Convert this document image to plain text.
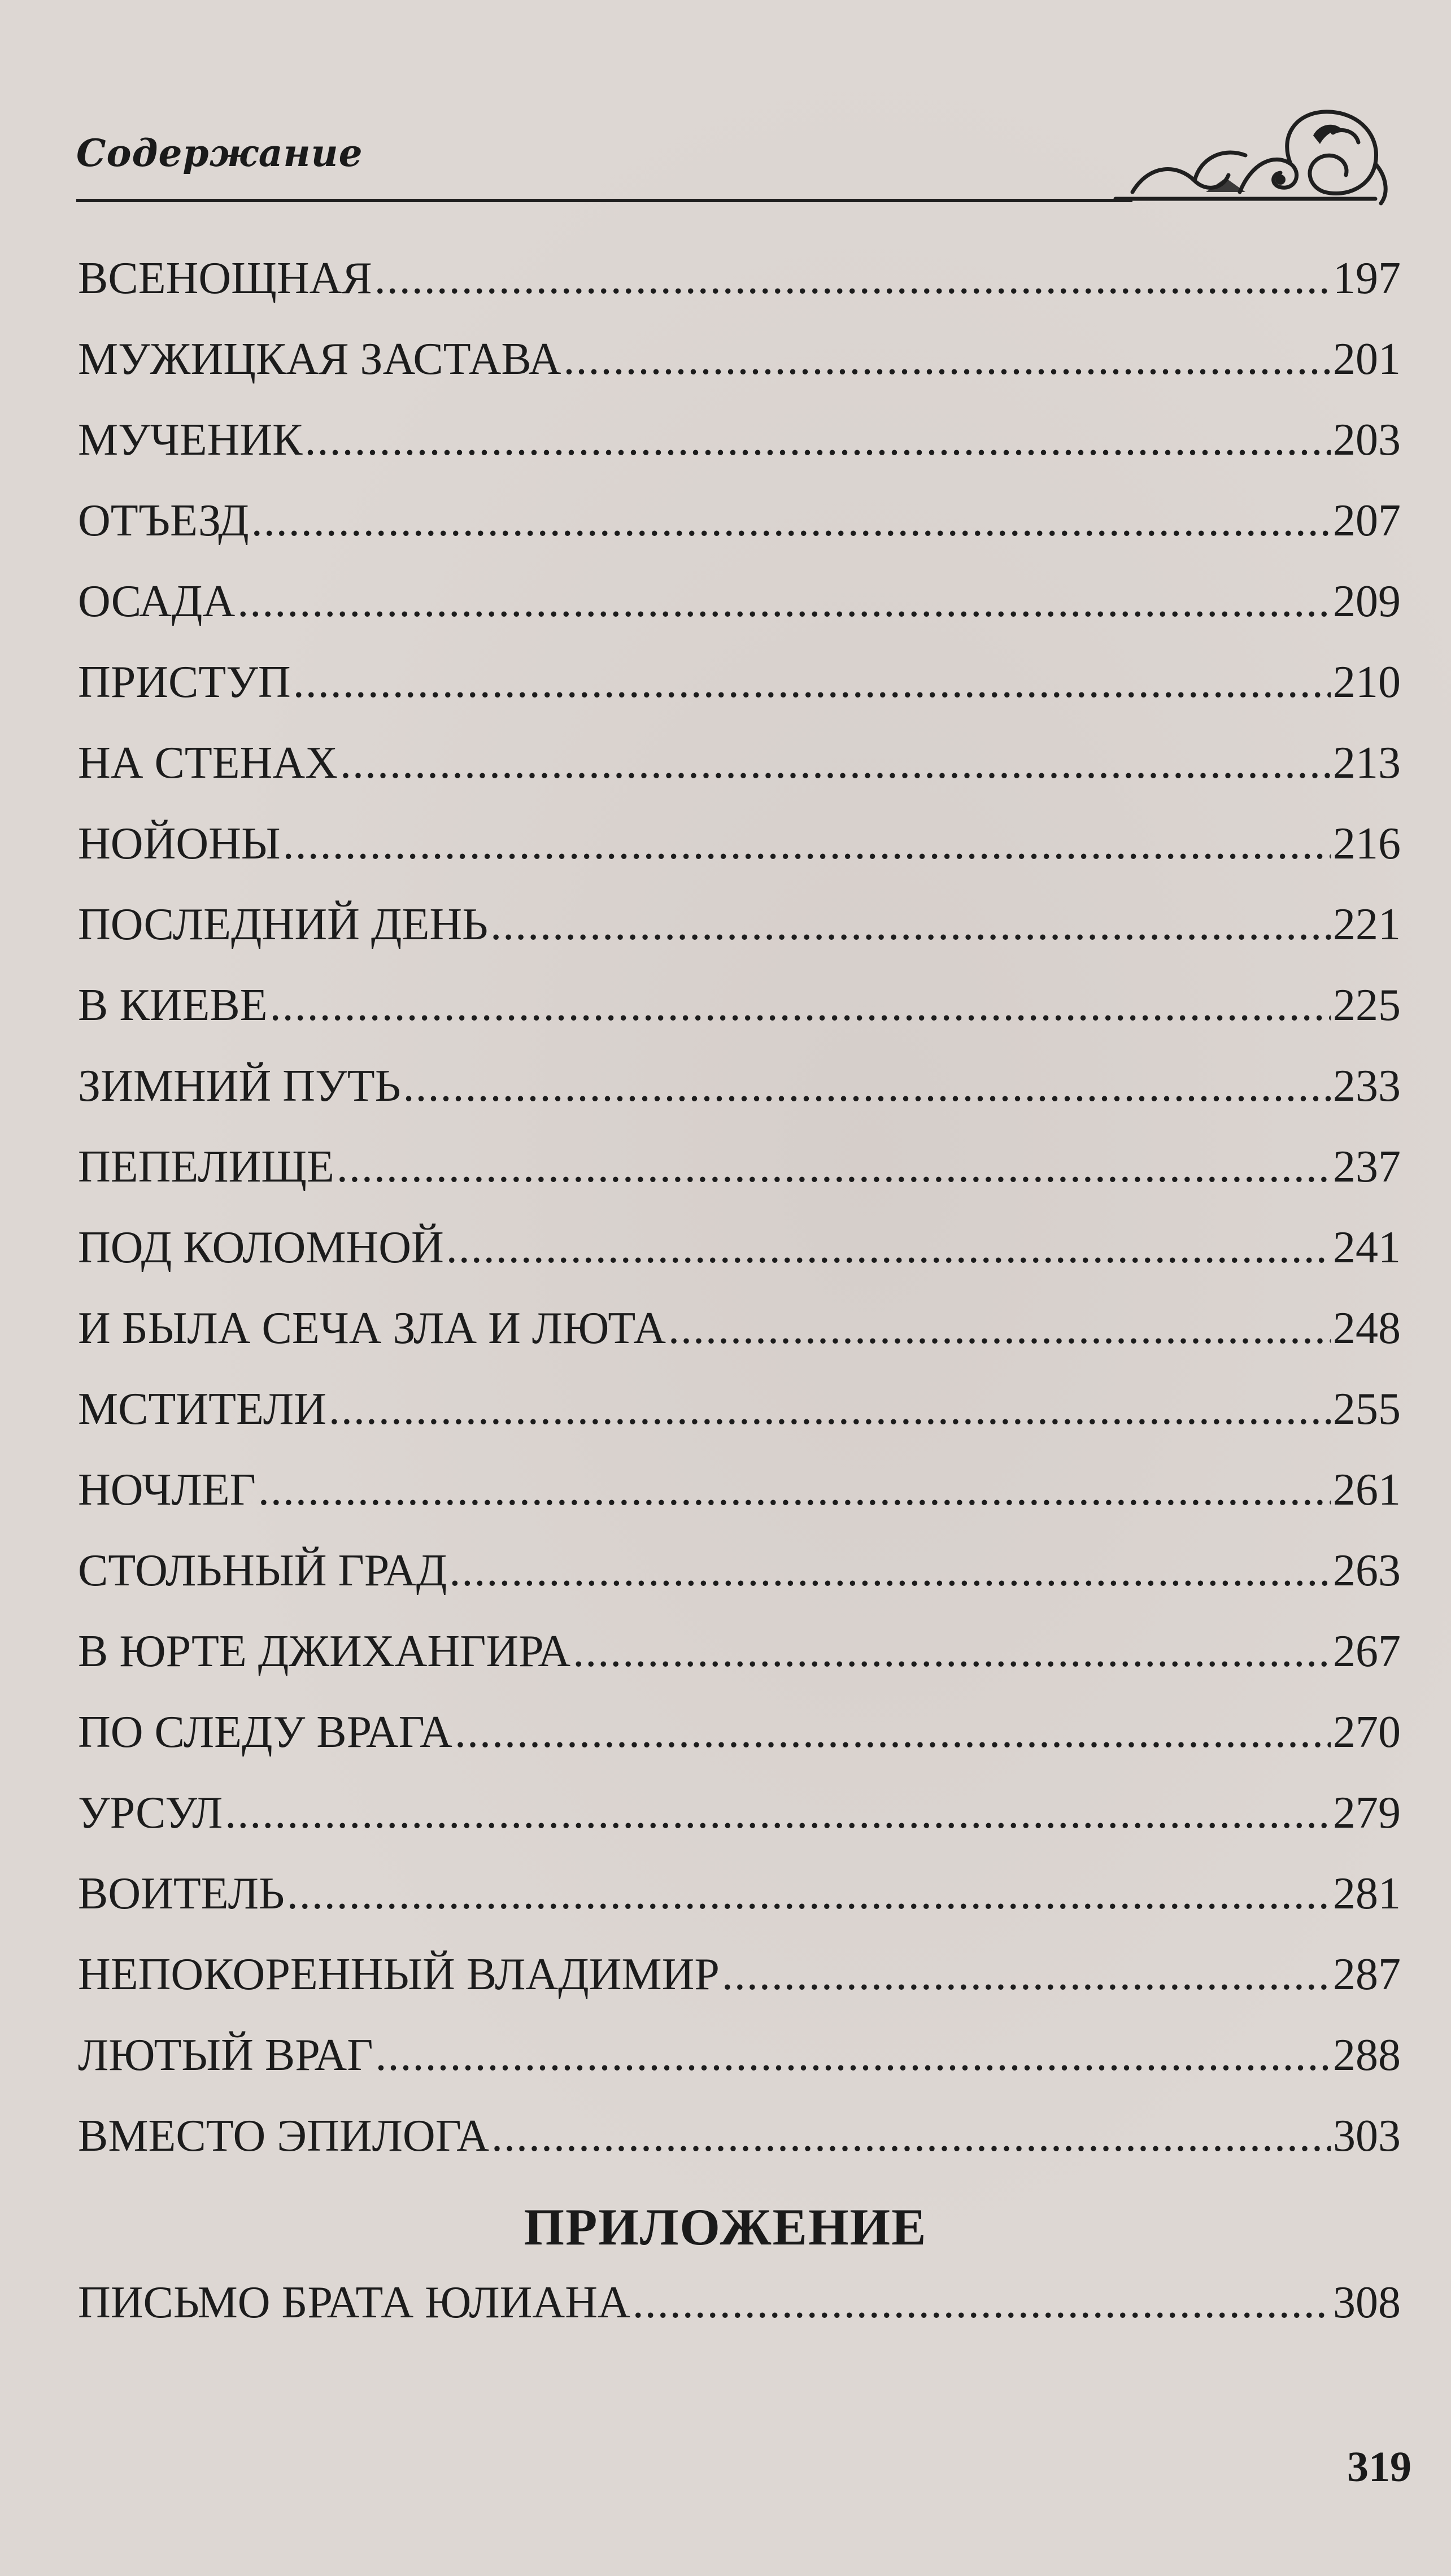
Содержание
ВСЕНОЩНАЯ .....	197
МУЖИЦКАЯ ЗАСТАВА .....	201
МУЧЕНИК .....	203
ОТЪЕЗД .....	207
ОСАДА .....	209
ПРИСТУП .....	210
НА СТЕНАХ .....	213
НОЙОНЫ .....	216
ПОСЛЕДНИЙ ДЕНЬ .....	221
В КИЕВЕ .....	225
ЗИМНИЙ ПУТЬ .....	233
ПЕПЕЛИЩЕ .....	237
ПОД КОЛОМНОЙ .....	241
И БЫЛА СЕЧА ЗЛА И ЛЮТА .....	248
МСТИТЕЛИ .....	255
НОЧЛЕГ .....	261
СТОЛЬНЫЙ ГРАД .....	263
В ЮРТЕ ДЖИХАНГИРА .....	267
ПО СЛЕДУ ВРАГА .....	270
УРСУЛ .....	279
ВОИТЕЛЬ .....	281
НЕПОКОРЕННЫЙ ВЛАДИМИР .....	287
ЛЮТЫЙ ВРАГ .....	288
ВМЕСТО ЭПИЛОГА .....	303
ПРИЛОЖЕНИЕ
ПИСЬМО БРАТА ЮЛИАНА .....	308
319
